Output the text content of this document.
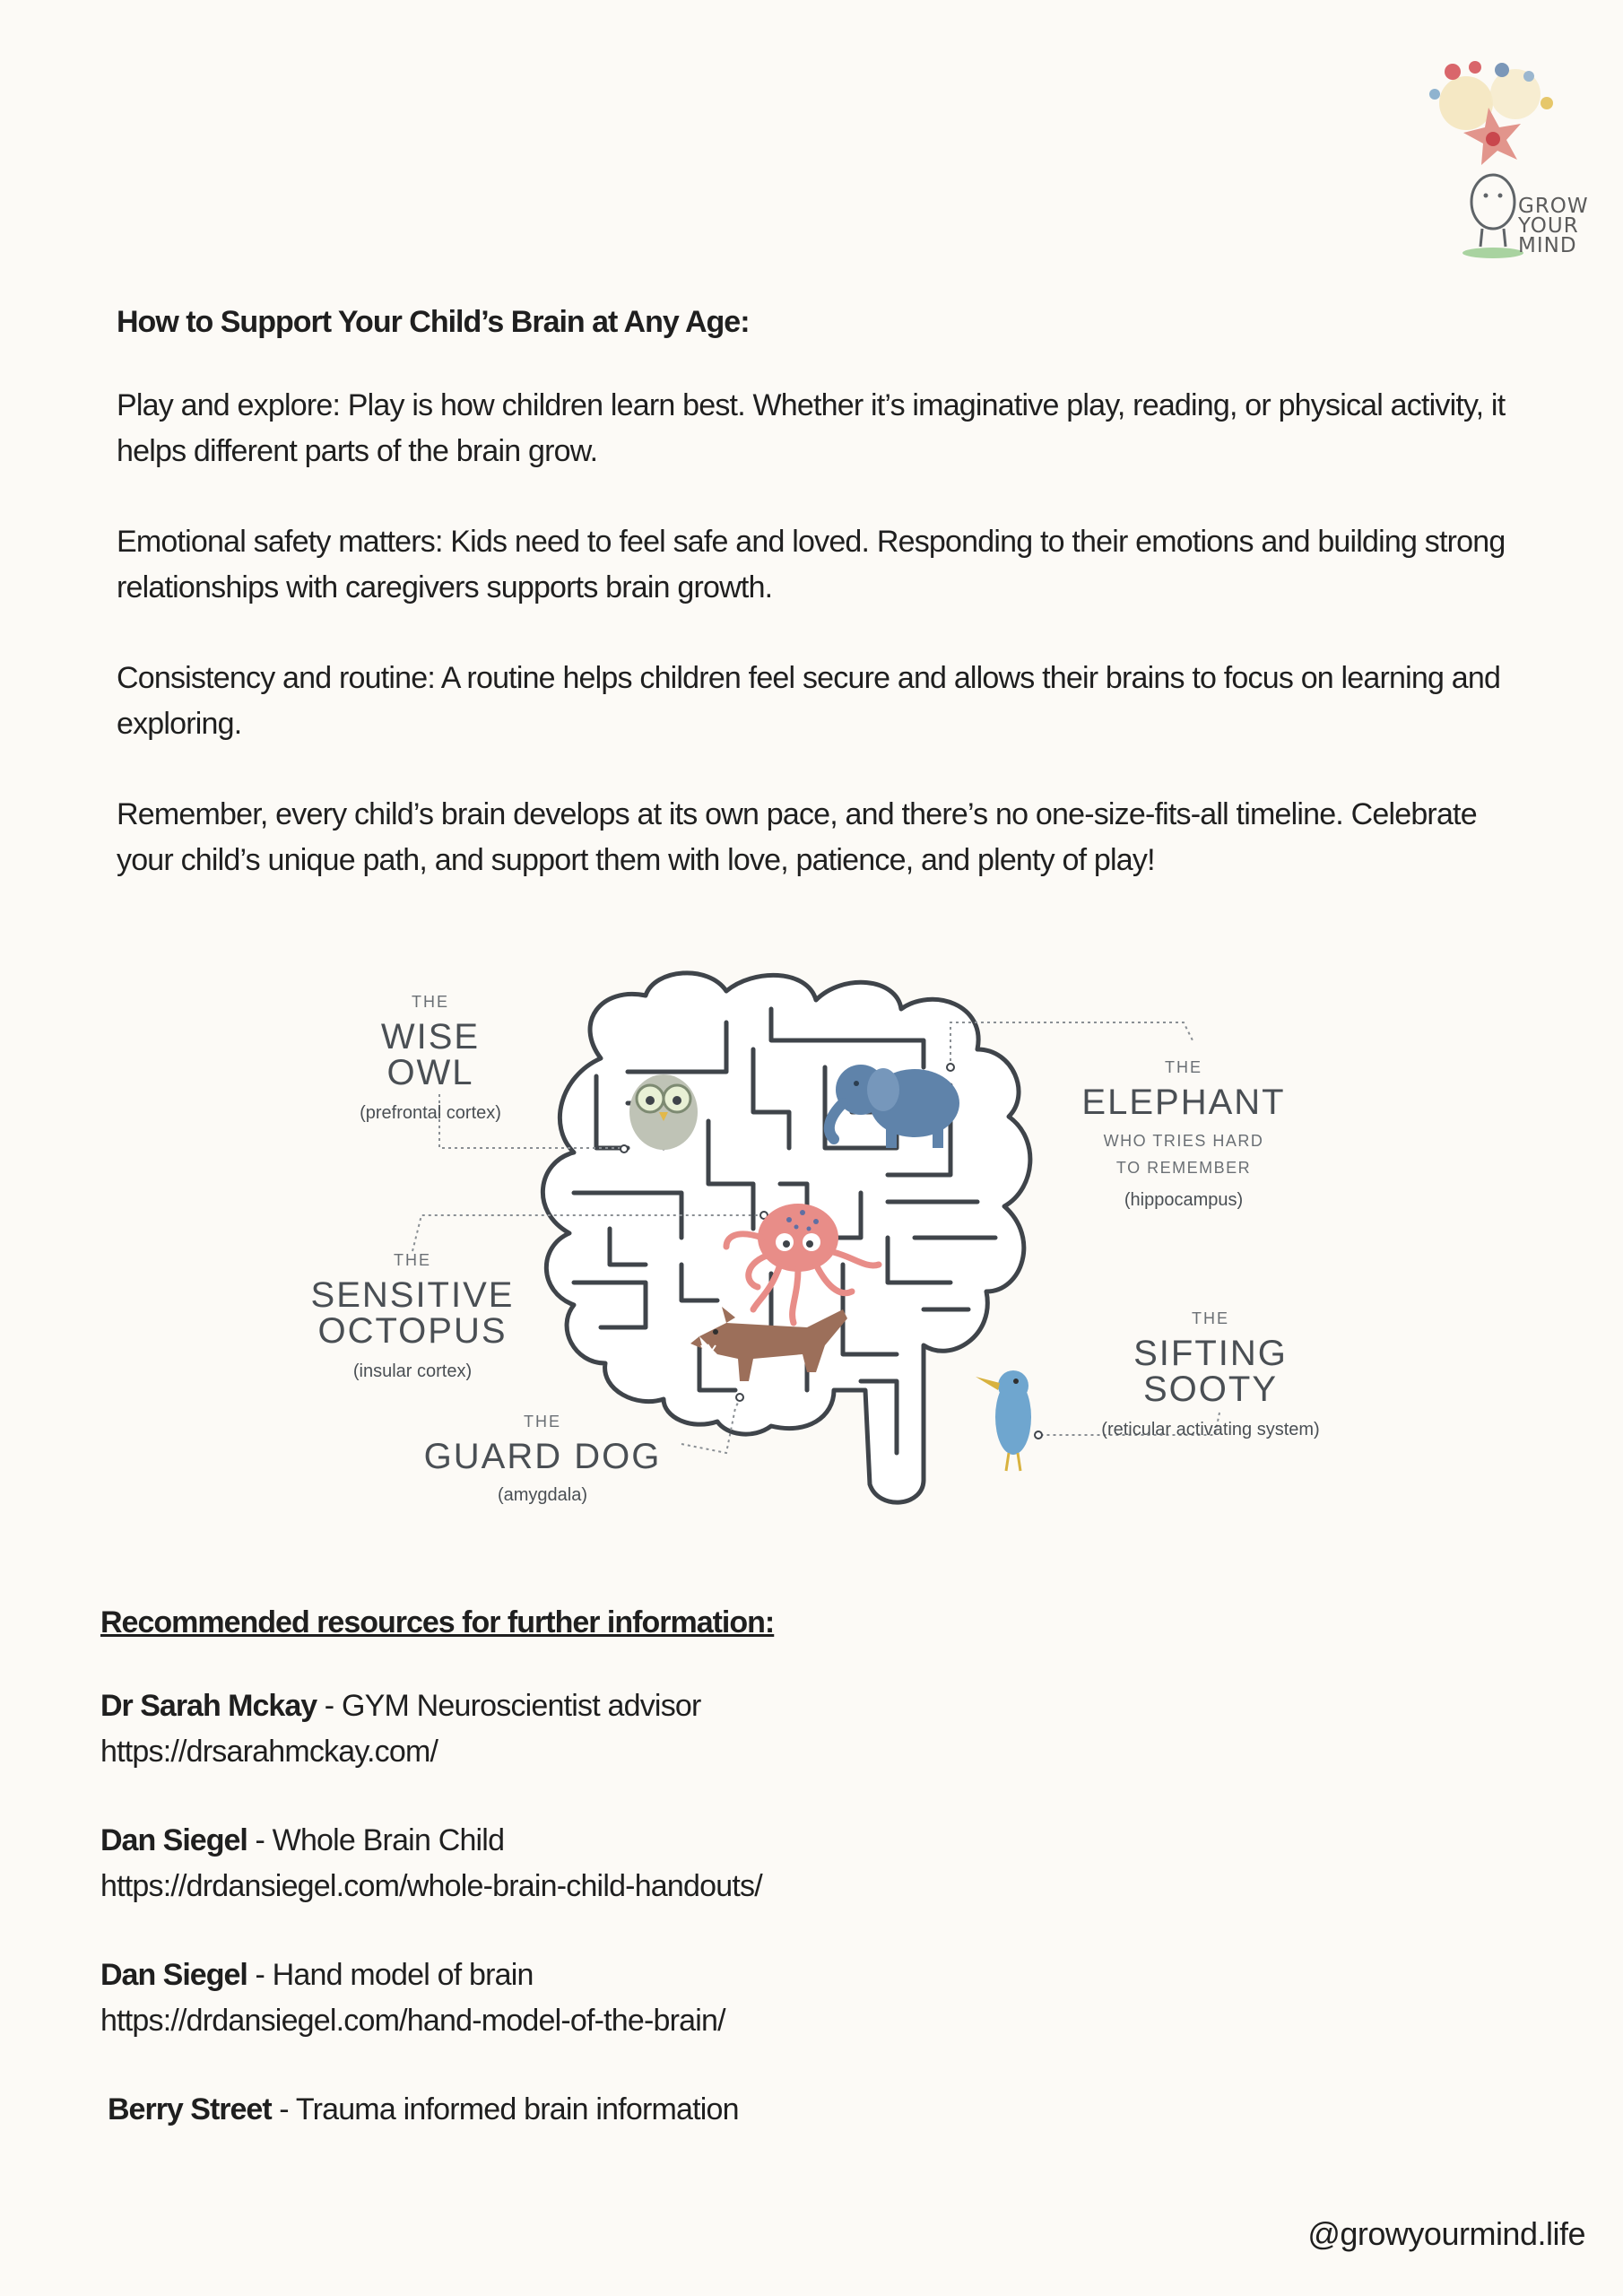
GROW
YOUR
MIND
How to Support Your Child’s Brain at Any Age:
Play and explore: Play is how children learn best. Whether it’s imaginative play, reading, or physical activity, it helps different parts of the brain grow.
Emotional safety matters: Kids need to feel safe and loved. Responding to their emotions and building strong relationships with caregivers supports brain growth.
Consistency and routine: A routine helps children feel secure and allows their brains to focus on learning and exploring.
Remember, every child’s brain develops at its own pace, and there’s no one-size-fits-all timeline. Celebrate your child’s unique path, and support them with love, patience, and plenty of play!
THE
WISE OWL
(prefrontal cortex)
THE
ELEPHANT
WHO TRIES HARD
TO REMEMBER
(hippocampus)
THE
SENSITIVE
OCTOPUS
(insular cortex)
THE
SIFTING SOOTY
(reticular activating system)
THE
GUARD DOG
(amygdala)
Recommended resources for further information:
Dr Sarah Mckay - GYM Neuroscientist advisor
https://drsarahmckay.com/
Dan Siegel - Whole Brain Child
https://drdansiegel.com/whole-brain-child-handouts/
Dan Siegel - Hand model of brain
https://drdansiegel.com/hand-model-of-the-brain/
Berry Street - Trauma informed brain information
@growyourmind.life
